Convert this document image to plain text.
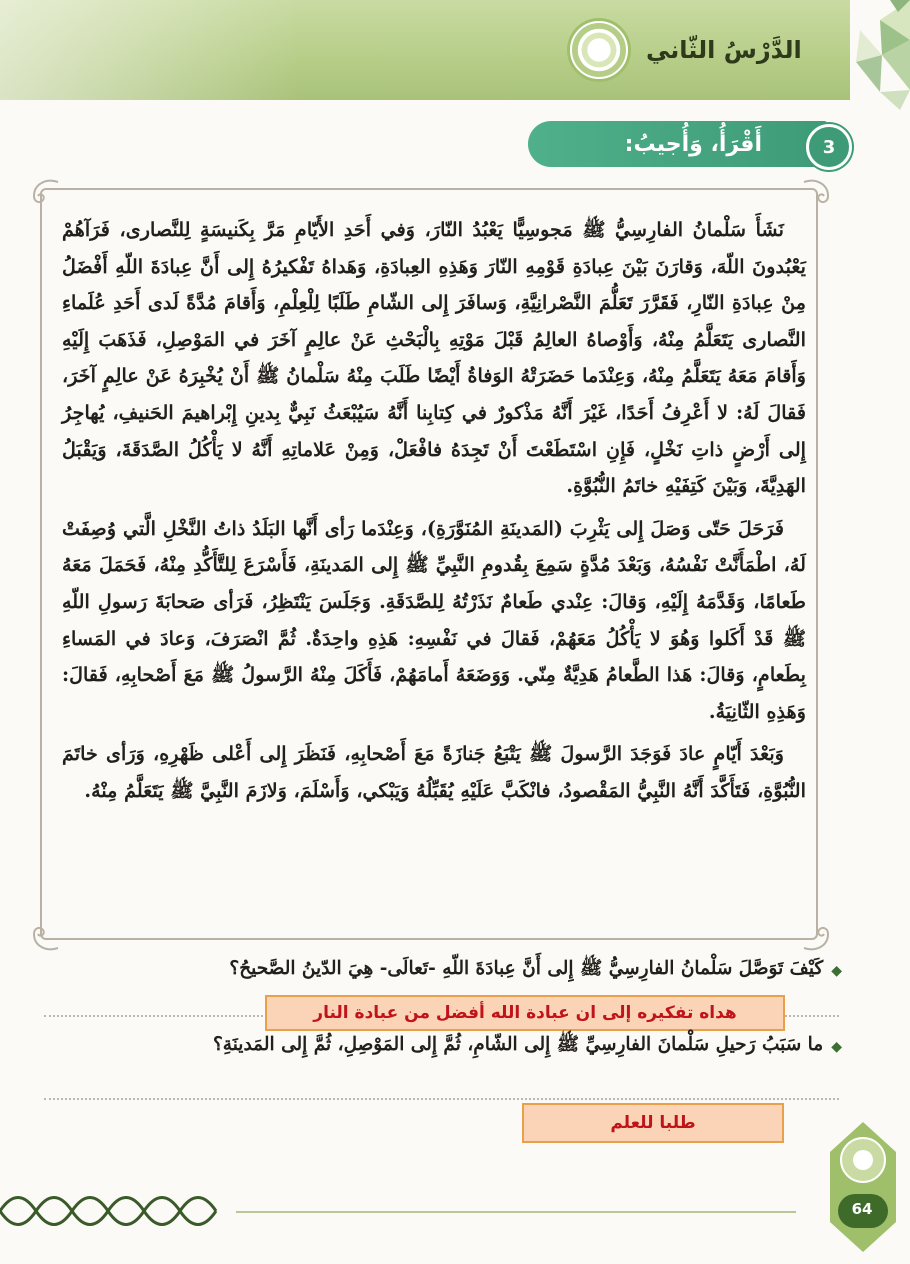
الدَّرْسُ الثّاني
أَقْرَأُ، وَأُجيبُ:	3

نَشَأَ سَلْمانُ الفارِسِيُّ ﷺ مَجوسِيًّا يَعْبُدُ النّارَ، وَفي أَحَدِ الأَيّامِ مَرَّ بِكَنيسَةٍ لِلنَّصارى، فَرَآهُمْ يَعْبُدونَ اللّهَ، وَقارَنَ بَيْنَ عِبادَةِ قَوْمِهِ النّارَ وَهَذِهِ العِبادَةِ، وَهَداهُ تَفْكيرُهُ إِلى أَنَّ عِبادَةَ اللّهِ أَفْضَلُ مِنْ عِبادَةِ النّارِ، فَقَرَّرَ تَعَلُّمَ النَّصْرانِيَّةِ، وَسافَرَ إِلى الشّامِ طَلَبًا لِلْعِلْمِ، وَأَقامَ مُدَّةً لَدى أَحَدِ عُلَماءِ النَّصارى يَتَعَلَّمُ مِنْهُ، وَأَوْصاهُ العالِمُ قَبْلَ مَوْتِهِ بِالْبَحْثِ عَنْ عالِمٍ آخَرَ في المَوْصِلِ، فَذَهَبَ إِلَيْهِ وَأَقامَ مَعَهُ يَتَعَلَّمُ مِنْهُ، وَعِنْدَما حَضَرَتْهُ الوَفاةُ أَيْضًا طَلَبَ مِنْهُ سَلْمانُ ﷺ أَنْ يُخْبِرَهُ عَنْ عالِمٍ آخَرَ، فَقالَ لَهُ: لا أَعْرِفُ أَحَدًا، غَيْرَ أَنَّهُ مَذْكورٌ في كِتابِنا أَنَّهُ سَيُبْعَثُ نَبِيٌّ بِدينِ إِبْراهيمَ الحَنيفِ، يُهاجِرُ إِلى أَرْضٍ ذاتِ نَخْلٍ، فَإِنِ اسْتَطَعْتَ أَنْ تَجِدَهُ فافْعَلْ، وَمِنْ عَلاماتِهِ أَنَّهُ لا يَأْكُلُ الصَّدَقَةَ، وَيَقْبَلُ الهَدِيَّةَ، وَبَيْنَ كَتِفَيْهِ خاتَمُ النُّبُوَّةِ.

فَرَحَلَ حَتّى وَصَلَ إِلى يَثْرِبَ (المَدينَةِ المُنَوَّرَةِ)، وَعِنْدَما رَأى أَنَّها البَلَدُ ذاتُ النَّخْلِ الَّتي وُصِفَتْ لَهُ، اطْمَأَنَّتْ نَفْسُهُ، وَبَعْدَ مُدَّةٍ سَمِعَ بِقُدومِ النَّبِيِّ ﷺ إِلى المَدينَةِ، فَأَسْرَعَ لِلتَّأَكُّدِ مِنْهُ، فَحَمَلَ مَعَهُ طَعامًا، وَقَدَّمَهُ إِلَيْهِ، وَقالَ: عِنْدي طَعامٌ نَذَرْتُهُ لِلصَّدَقَةِ. وَجَلَسَ يَنْتَظِرُ، فَرَأى صَحابَةَ رَسولِ اللّهِ ﷺ قَدْ أَكَلوا وَهُوَ لا يَأْكُلُ مَعَهُمْ، فَقالَ في نَفْسِهِ: هَذِهِ واحِدَةٌ. ثُمَّ انْصَرَفَ، وَعادَ في المَساءِ بِطَعامٍ، وَقالَ: هَذا الطَّعامُ هَدِيَّةٌ مِنّي. وَوَضَعَهُ أَمامَهُمْ، فَأَكَلَ مِنْهُ الرَّسولُ ﷺ مَعَ أَصْحابِهِ، فَقالَ: وَهَذِهِ الثّانِيَةُ.

وَبَعْدَ أَيّامٍ عادَ فَوَجَدَ الرَّسولَ ﷺ يَتْبَعُ جَنازَةً مَعَ أَصْحابِهِ، فَنَظَرَ إِلى أَعْلى ظَهْرِهِ، وَرَأى خاتَمَ النُّبُوَّةِ، فَتَأَكَّدَ أَنَّهُ النَّبِيُّ المَقْصودُ، فانْكَبَّ عَلَيْهِ يُقَبِّلُهُ وَيَبْكي، وَأَسْلَمَ، وَلازَمَ النَّبِيَّ ﷺ يَتَعَلَّمُ مِنْهُ.

◆
كَيْفَ تَوَصَّلَ سَلْمانُ الفارِسِيُّ ﷺ إِلى أَنَّ عِبادَةَ اللّهِ -تَعالَى- هِيَ الدّينُ الصَّحيحُ؟
هداه تفكيره إلى ان عبادة الله أفضل من عبادة النار
◆
ما سَبَبُ رَحيلِ سَلْمانَ الفارِسِيِّ ﷺ إِلى الشّامِ، ثُمَّ إِلى المَوْصِلِ، ثُمَّ إِلى المَدينَةِ؟
طلبا للعلم
64
